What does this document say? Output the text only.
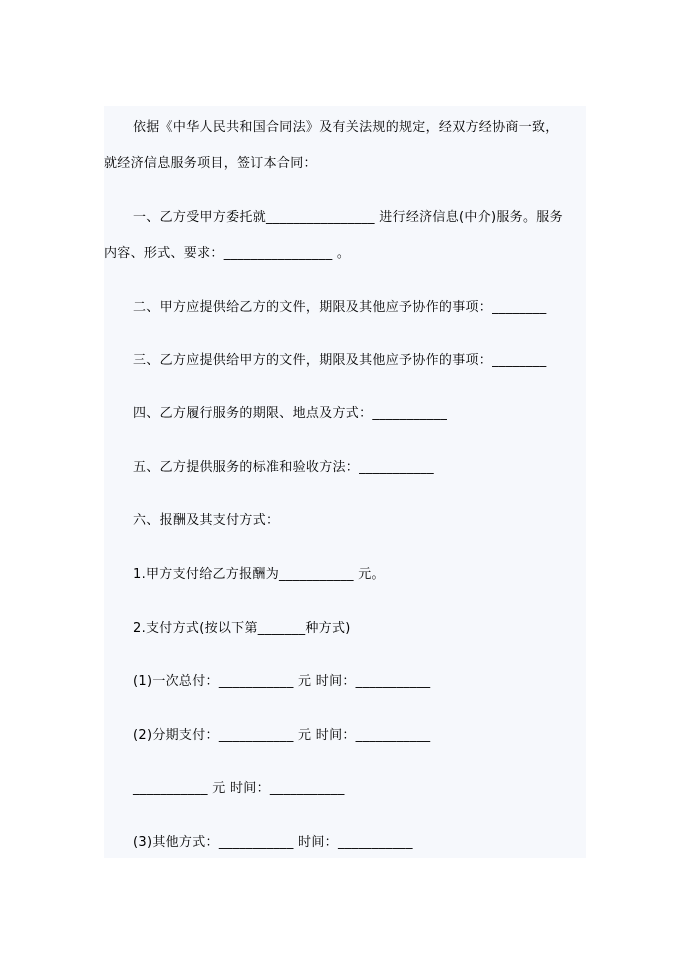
依据《中华人民共和国合同法》及有关法规的规定，经双方经协商一致，
就经济信息服务项目，签订本合同：
一、乙方受甲方委托就________________ 进行经济信息(中介)服务。服务
内容、形式、要求：________________ 。
二、甲方应提供给乙方的文件，期限及其他应予协作的事项：________
三、乙方应提供给甲方的文件，期限及其他应予协作的事项：________
四、乙方履行服务的期限、地点及方式：___________
五、乙方提供服务的标准和验收方法：___________
六、报酬及其支付方式：
1.甲方支付给乙方报酬为___________ 元。
2.支付方式(按以下第_______种方式)
(1)一次总付：___________ 元 时间：___________
(2)分期支付：___________ 元 时间：___________
___________ 元 时间：___________
(3)其他方式：___________ 时间：___________
